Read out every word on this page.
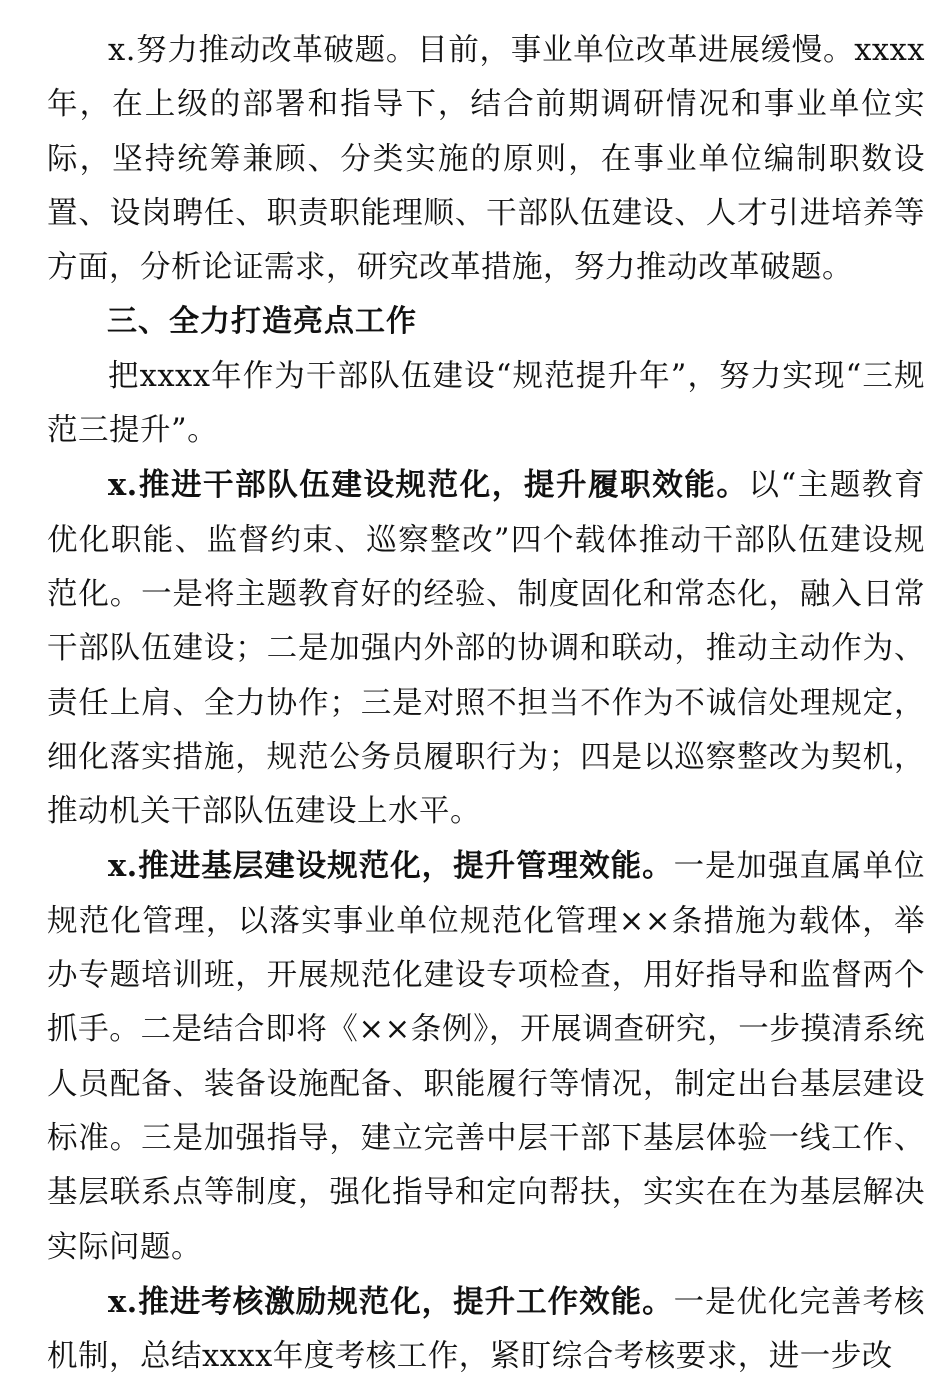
x.努力推动改革破题。目前，事业单位改革进展缓慢。xxxx年，在上级的部署和指导下，结合前期调研情况和事业单位实际，坚持统筹兼顾、分类实施的原则，在事业单位编制职数设置、设岗聘任、职责职能理顺、干部队伍建设、人才引进培养等方面，分析论证需求，研究改革措施，努力推动改革破题。

三、全力打造亮点工作

把xxxx年作为干部队伍建设“规范提升年”，努力实现“三规范三提升”。

x.推进干部队伍建设规范化，提升履职效能。以“主题教育优化职能、监督约束、巡察整改”四个载体推动干部队伍建设规范化。一是将主题教育好的经验、制度固化和常态化，融入日常干部队伍建设；二是加强内外部的协调和联动，推动主动作为、责任上肩、全力协作；三是对照不担当不作为不诚信处理规定，细化落实措施，规范公务员履职行为；四是以巡察整改为契机，推动机关干部队伍建设上水平。

x.推进基层建设规范化，提升管理效能。一是加强直属单位规范化管理，以落实事业单位规范化管理××条措施为载体，举办专题培训班，开展规范化建设专项检查，用好指导和监督两个抓手。二是结合即将《××条例》，开展调查研究，一步摸清系统人员配备、装备设施配备、职能履行等情况，制定出台基层建设标准。三是加强指导，建立完善中层干部下基层体验一线工作、基层联系点等制度，强化指导和定向帮扶，实实在在为基层解决实际问题。

x.推进考核激励规范化，提升工作效能。一是优化完善考核机制，总结xxxx年度考核工作，紧盯综合考核要求，进一步改
